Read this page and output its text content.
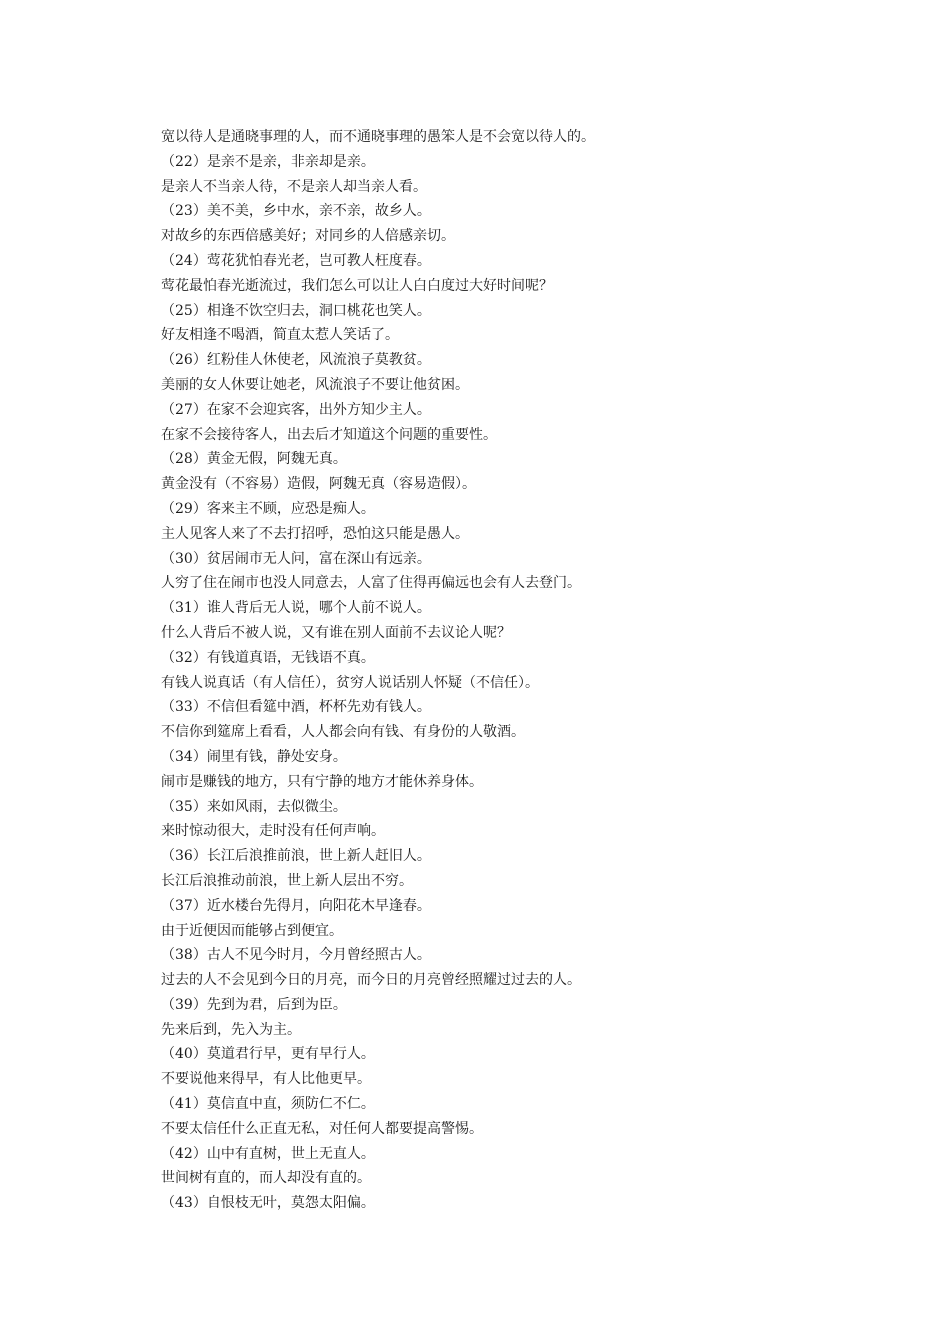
宽以待人是通晓事理的人，而不通晓事理的愚笨人是不会宽以待人的。
（22）是亲不是亲，非亲却是亲。
是亲人不当亲人待，不是亲人却当亲人看。
（23）美不美，乡中水，亲不亲，故乡人。
对故乡的东西倍感美好；对同乡的人倍感亲切。
（24）莺花犹怕春光老，岂可教人枉度春。
莺花最怕春光逝流过，我们怎么可以让人白白度过大好时间呢？
（25）相逢不饮空归去，洞口桃花也笑人。
好友相逢不喝酒，简直太惹人笑话了。
（26）红粉佳人休使老，风流浪子莫教贫。
美丽的女人休要让她老，风流浪子不要让他贫困。
（27）在家不会迎宾客，出外方知少主人。
在家不会接待客人，出去后才知道这个问题的重要性。
（28）黄金无假，阿魏无真。
黄金没有（不容易）造假，阿魏无真（容易造假）。
（29）客来主不顾，应恐是痴人。
主人见客人来了不去打招呼，恐怕这只能是愚人。
（30）贫居闹市无人问，富在深山有远亲。
人穷了住在闹市也没人同意去，人富了住得再偏远也会有人去登门。
（31）谁人背后无人说，哪个人前不说人。
什么人背后不被人说，又有谁在别人面前不去议论人呢？
（32）有钱道真语，无钱语不真。
有钱人说真话（有人信任），贫穷人说话别人怀疑（不信任）。
（33）不信但看筵中酒，杯杯先劝有钱人。
不信你到筵席上看看，人人都会向有钱、有身份的人敬酒。
（34）闹里有钱，静处安身。
闹市是赚钱的地方，只有宁静的地方才能休养身体。
（35）来如风雨，去似微尘。
来时惊动很大，走时没有任何声响。
（36）长江后浪推前浪，世上新人赶旧人。
长江后浪推动前浪，世上新人层出不穷。
（37）近水楼台先得月，向阳花木早逢春。
由于近便因而能够占到便宜。
（38）古人不见今时月，今月曾经照古人。
过去的人不会见到今日的月亮，而今日的月亮曾经照耀过过去的人。
（39）先到为君，后到为臣。
先来后到，先入为主。
（40）莫道君行早，更有早行人。
不要说他来得早，有人比他更早。
（41）莫信直中直，须防仁不仁。
不要太信任什么正直无私，对任何人都要提高警惕。
（42）山中有直树，世上无直人。
世间树有直的，而人却没有直的。
（43）自恨枝无叶，莫怨太阳偏。
